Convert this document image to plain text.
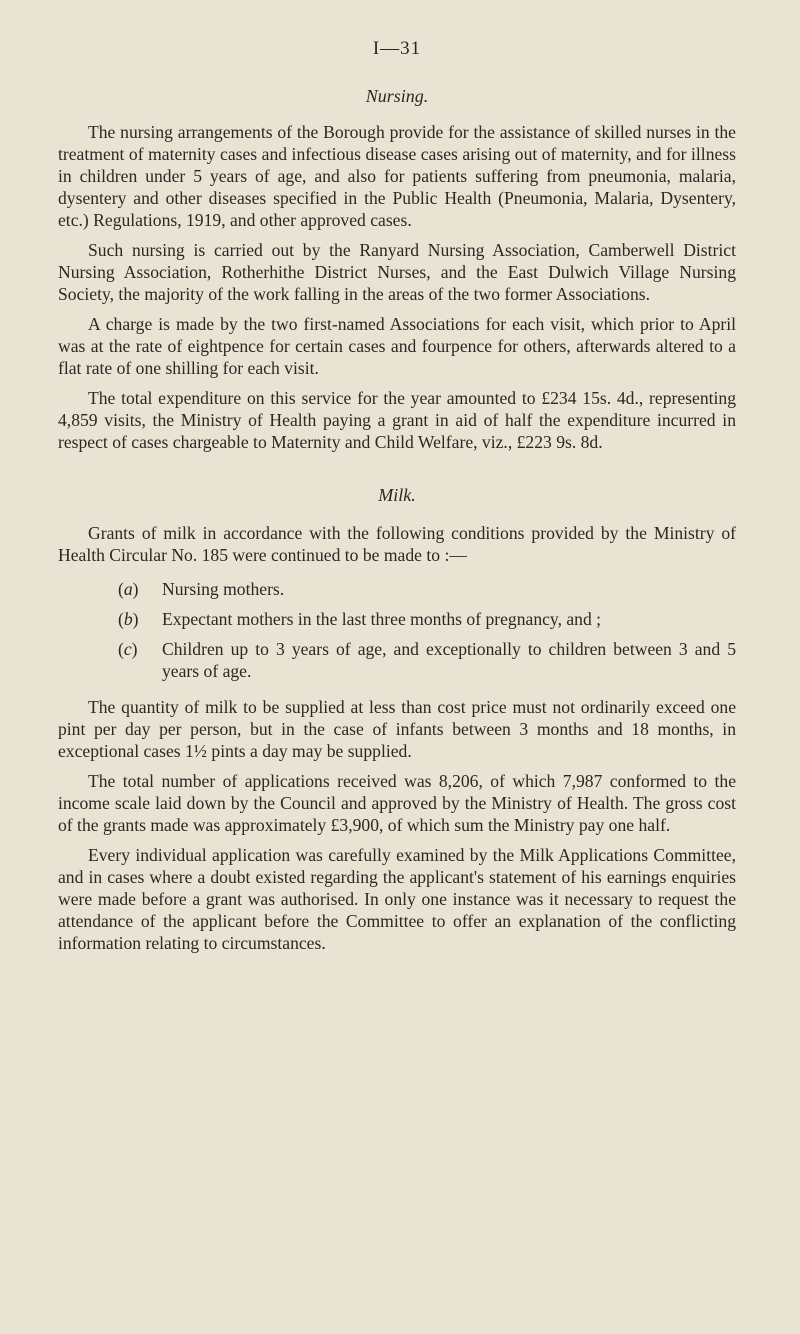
I—31
Nursing.

The nursing arrangements of the Borough provide for the assistance of skilled nurses in the treatment of maternity cases and infectious disease cases arising out of maternity, and for illness in children under 5 years of age, and also for patients suffering from pneumonia, malaria, dysentery and other diseases specified in the Public Health (Pneumonia, Malaria, Dysentery, etc.) Regulations, 1919, and other approved cases.

Such nursing is carried out by the Ranyard Nursing Association, Camberwell District Nursing Association, Rotherhithe District Nurses, and the East Dulwich Village Nursing Society, the majority of the work falling in the areas of the two former Associations.

A charge is made by the two first-named Associations for each visit, which prior to April was at the rate of eightpence for certain cases and fourpence for others, afterwards altered to a flat rate of one shilling for each visit.

The total expenditure on this service for the year amounted to £234 15s. 4d., representing 4,859 visits, the Ministry of Health paying a grant in aid of half the expenditure incurred in respect of cases chargeable to Maternity and Child Welfare, viz., £223 9s. 8d.

Milk.

Grants of milk in accordance with the following conditions provided by the Ministry of Health Circular No. 185 were continued to be made to :—

(a)	Nursing mothers.
(b)	Expectant mothers in the last three months of pregnancy, and ;
(c)	Children up to 3 years of age, and exceptionally to children between 3 and 5 years of age.

The quantity of milk to be supplied at less than cost price must not ordinarily exceed one pint per day per person, but in the case of infants between 3 months and 18 months, in exceptional cases 1½ pints a day may be supplied.

The total number of applications received was 8,206, of which 7,987 conformed to the income scale laid down by the Council and approved by the Ministry of Health. The gross cost of the grants made was approximately £3,900, of which sum the Ministry pay one half.

Every individual application was carefully examined by the Milk Applications Committee, and in cases where a doubt existed regarding the applicant's statement of his earnings enquiries were made before a grant was authorised. In only one instance was it necessary to request the attendance of the applicant before the Committee to offer an explanation of the conflicting information relating to circumstances.
